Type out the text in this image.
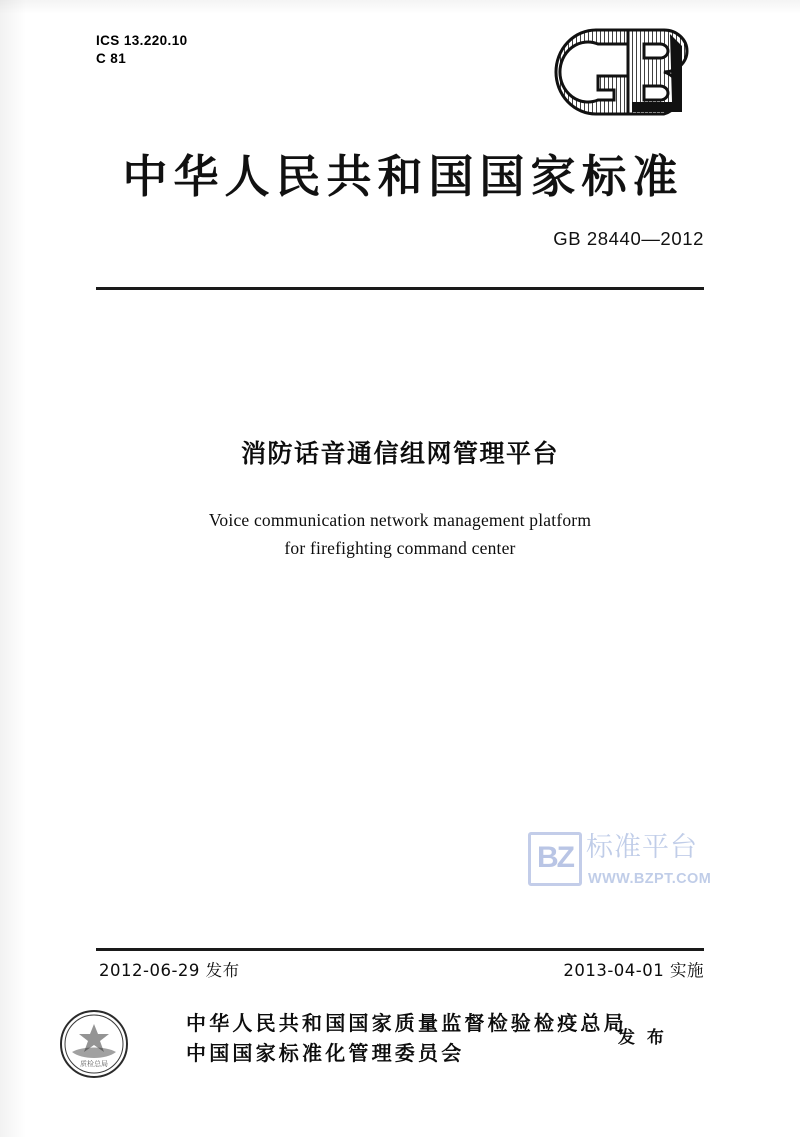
ICS 13.220.10
C 81
中华人民共和国国家标准
GB 28440—2012
消防话音通信组网管理平台
Voice communication network management platform
for firefighting command center
BZ 标准平台
WWW.BZPT.COM
2012-06-29 发布	2013-04-01 实施
质检总局
中华人民共和国国家质量监督检验检疫总局
中国国家标准化管理委员会
发 布
